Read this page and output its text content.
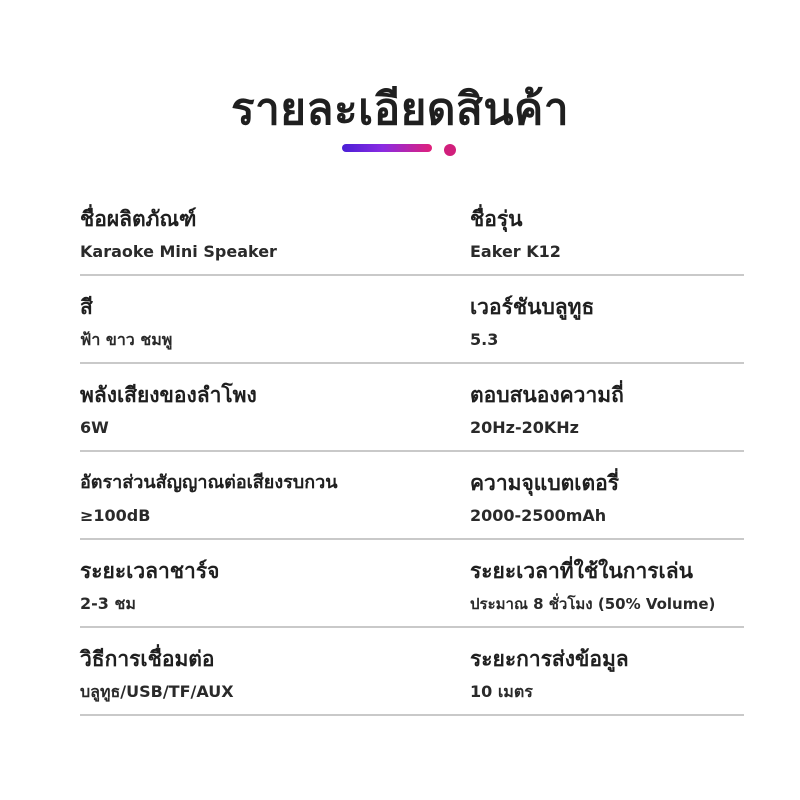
รายละเอียดสินค้า
ชื่อผลิตภัณฑ์
Karaoke Mini Speaker
ชื่อรุ่น
Eaker K12
สี
ฟ้า ขาว ชมพู
เวอร์ชันบลูทูธ
5.3
พลังเสียงของลำโพง
6W
ตอบสนองความถี่
20Hz-20KHz
อัตราส่วนสัญญาณต่อเสียงรบกวน
≥100dB
ความจุแบตเตอรี่
2000-2500mAh
ระยะเวลาชาร์จ
2-3 ชม
ระยะเวลาที่ใช้ในการเล่น
ประมาณ 8 ชั่วโมง (50% Volume)
วิธีการเชื่อมต่อ
บลูทูธ/USB/TF/AUX
ระยะการส่งข้อมูล
10 เมตร
